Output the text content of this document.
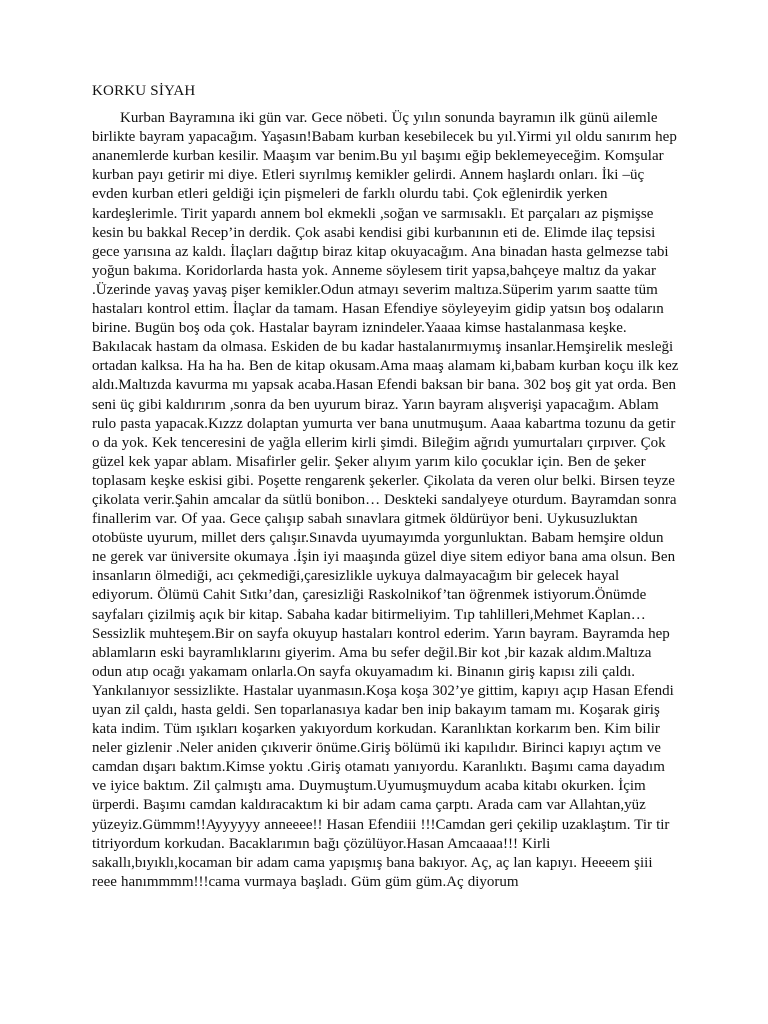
KORKU SİYAH

Kurban Bayramına iki gün var. Gece nöbeti. Üç yılın sonunda bayramın ilk günü ailemle birlikte bayram yapacağım. Yaşasın!Babam kurban kesebilecek bu yıl.Yirmi yıl oldu sanırım hep ananemlerde kurban kesilir. Maaşım var benim.Bu yıl başımı eğip beklemeyeceğim. Komşular kurban payı getirir mi diye. Etleri sıyrılmış kemikler gelirdi. Annem haşlardı onları. İki –üç evden kurban etleri geldiği için pişmeleri de farklı olurdu tabi. Çok eğlenirdik yerken kardeşlerimle. Tirit yapardı annem bol ekmekli ,soğan ve sarmısaklı. Et parçaları az pişmişse kesin bu bakkal Recep’in derdik. Çok asabi kendisi gibi kurbanının eti de. Elimde ilaç tepsisi gece yarısına az kaldı. İlaçları dağıtıp biraz kitap okuyacağım. Ana binadan hasta gelmezse tabi yoğun bakıma. Koridorlarda hasta yok. Anneme söylesem tirit yapsa,bahçeye maltız da yakar .Üzerinde yavaş yavaş pişer kemikler.Odun atmayı severim maltıza.Süperim yarım saatte tüm hastaları kontrol ettim. İlaçlar da tamam. Hasan Efendiye söyleyeyim gidip yatsın boş odaların birine. Bugün boş oda çok. Hastalar bayram iznindeler.Yaaaa kimse hastalanmasa keşke. Bakılacak hastam da olmasa. Eskiden de bu kadar hastalanırmıymış insanlar.Hemşirelik mesleği ortadan kalksa. Ha ha ha. Ben de kitap okusam.Ama maaş alamam ki,babam kurban koçu ilk kez aldı.Maltızda kavurma mı yapsak acaba.Hasan Efendi baksan bir bana. 302 boş git yat orda. Ben seni üç gibi kaldırırım ,sonra da ben uyurum biraz. Yarın bayram alışverişi yapacağım. Ablam rulo pasta yapacak.Kızzz dolaptan yumurta ver bana unutmuşum. Aaaa kabartma tozunu da getir o da yok. Kek tenceresini de yağla ellerim kirli şimdi. Bileğim ağrıdı yumurtaları çırpıver. Çok güzel kek yapar ablam. Misafirler gelir. Şeker alıyım yarım kilo çocuklar için. Ben de şeker toplasam keşke eskisi gibi. Poşette rengarenk şekerler. Çikolata da veren olur belki. Birsen teyze çikolata verir.Şahin amcalar da sütlü bonibon… Deskteki sandalyeye oturdum. Bayramdan sonra finallerim var. Of yaa. Gece çalışıp sabah sınavlara gitmek öldürüyor beni. Uykusuzluktan otobüste uyurum, millet ders çalışır.Sınavda uyumayımda yorgunluktan. Babam hemşire oldun ne gerek var üniversite okumaya .İşin iyi maaşında güzel diye sitem ediyor bana ama olsun. Ben insanların ölmediği, acı çekmediği,çaresizlikle uykuya dalmayacağım bir gelecek hayal ediyorum. Ölümü Cahit Sıtkı’dan, çaresizliği Raskolnikof’tan öğrenmek istiyorum.Önümde sayfaları çizilmiş açık bir kitap. Sabaha kadar bitirmeliyim. Tıp tahlilleri,Mehmet Kaplan…Sessizlik muhteşem.Bir on sayfa okuyup hastaları kontrol ederim. Yarın bayram. Bayramda hep ablamların eski bayramlıklarını giyerim. Ama bu sefer değil.Bir kot ,bir kazak aldım.Maltıza odun atıp ocağı yakamam onlarla.On sayfa okuyamadım ki. Binanın giriş kapısı zili çaldı. Yankılanıyor sessizlikte. Hastalar uyanmasın.Koşa koşa 302’ye gittim, kapıyı açıp Hasan Efendi uyan zil çaldı, hasta geldi. Sen toparlanasıya kadar ben inip bakayım tamam mı. Koşarak giriş kata indim. Tüm ışıkları koşarken yakıyordum korkudan. Karanlıktan korkarım ben. Kim bilir neler gizlenir .Neler aniden çıkıverir önüme.Giriş bölümü iki kapılıdır. Birinci kapıyı açtım ve camdan dışarı baktım.Kimse yoktu .Giriş otamatı yanıyordu. Karanlıktı. Başımı cama dayadım ve iyice baktım. Zil çalmıştı ama. Duymuştum.Uyumuşmuydum acaba kitabı okurken. İçim ürperdi. Başımı camdan kaldıracaktım ki bir adam cama çarptı. Arada cam var Allahtan,yüz yüzeyiz.Gümmm!!Ayyyyyy anneeee!! Hasan Efendiii !!!Camdan geri çekilip uzaklaştım. Tir tir titriyordum korkudan. Bacaklarımın bağı çözülüyor.Hasan Amcaaaa!!! Kirli sakallı,bıyıklı,kocaman bir adam cama yapışmış bana bakıyor. Aç, aç lan kapıyı. Heeeem şiii reee hanımmmm!!!cama vurmaya başladı. Güm güm güm.Aç diyorum
